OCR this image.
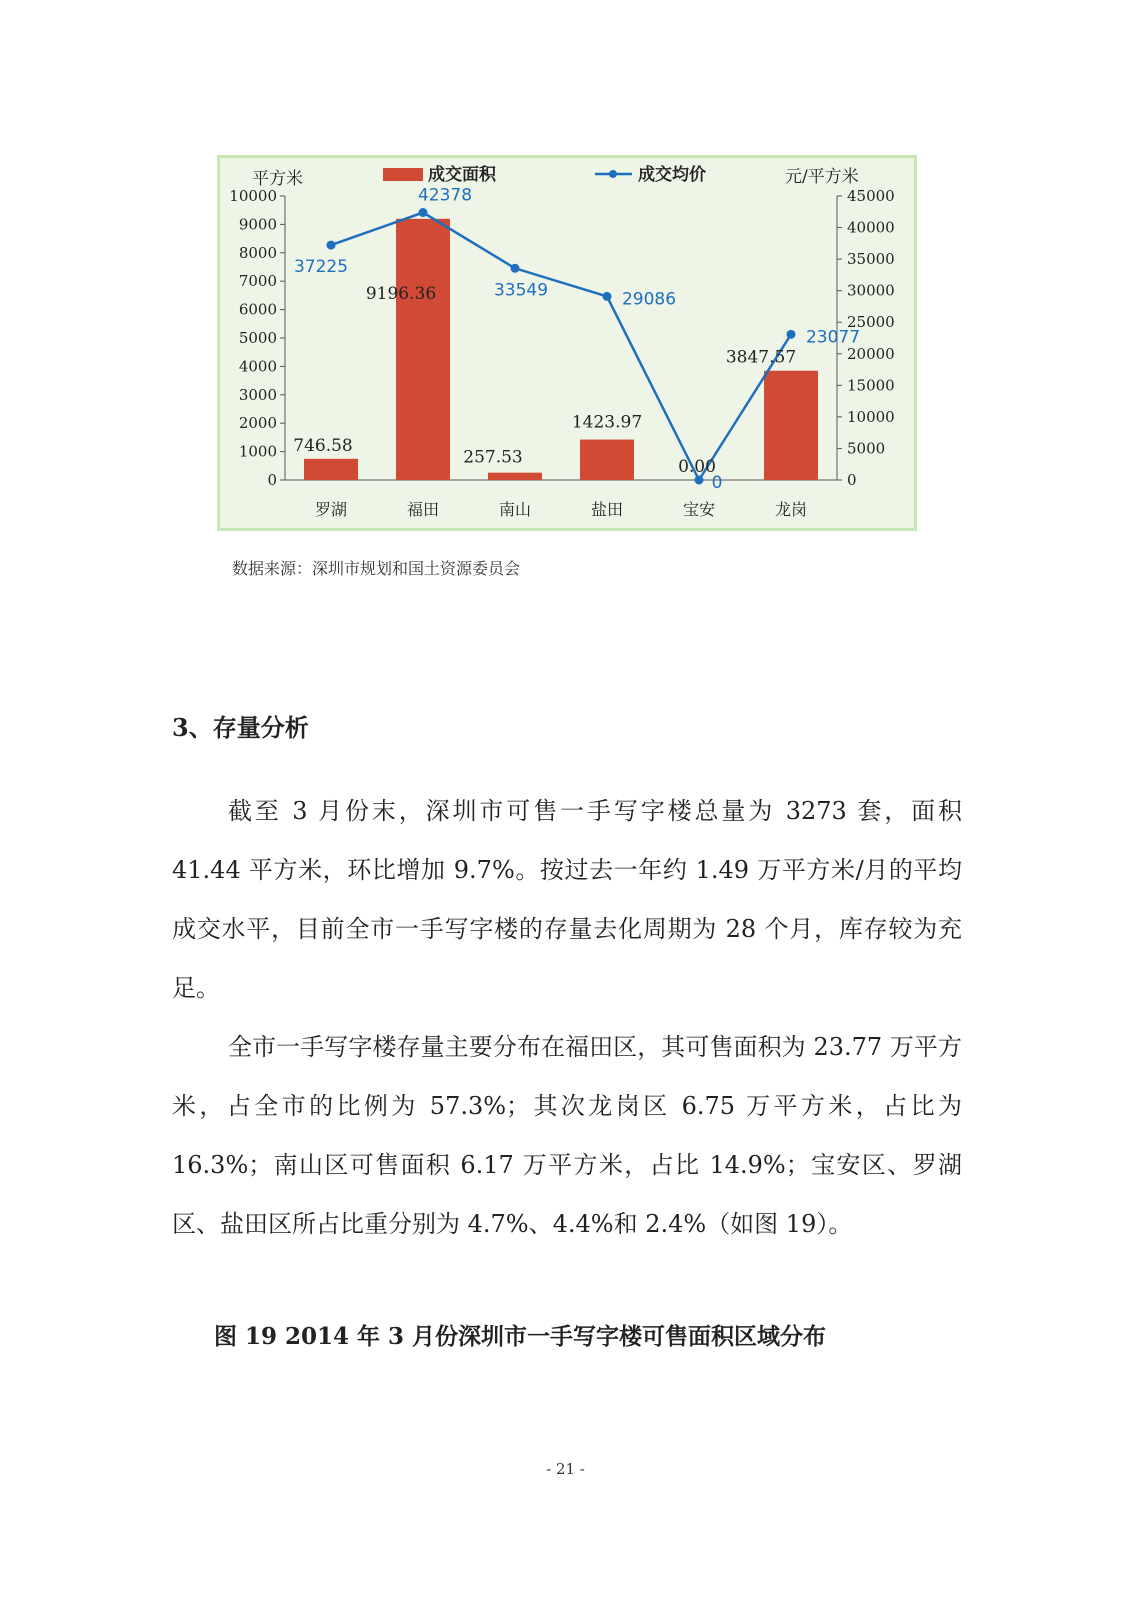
0
1000
2000
3000
4000
5000
6000
7000
8000
9000
10000
0
5000
10000
15000
20000
25000
30000
35000
40000
45000
平方米	元/平方米
成交面积	成交均价
746.58
9196.36
257.53
1423.97
0.00
3847.57
37225
42378
33549	29086
0
23077
罗湖	福田	南山	盐田	宝安	龙岗
数据来源：深圳市规划和国土资源委员会
3、存量分析

截至 3 月份末，深圳市可售一手写字楼总量为 3273 套，面积 41.44 平方米，环比增加 9.7%。按过去一年约 1.49 万平方米/月的平均成交水平，目前全市一手写字楼的存量去化周期为 28 个月，库存较为充足。

全市一手写字楼存量主要分布在福田区，其可售面积为 23.77 万平方米，占全市的比例为 57.3%；其次龙岗区 6.75 万平方米，占比为 16.3%；南山区可售面积 6.17 万平方米，占比 14.9%；宝安区、罗湖区、盐田区所占比重分别为 4.7%、4.4%和 2.4%（如图 19）。

图 19 2014 年 3 月份深圳市一手写字楼可售面积区域分布
- 21 -
